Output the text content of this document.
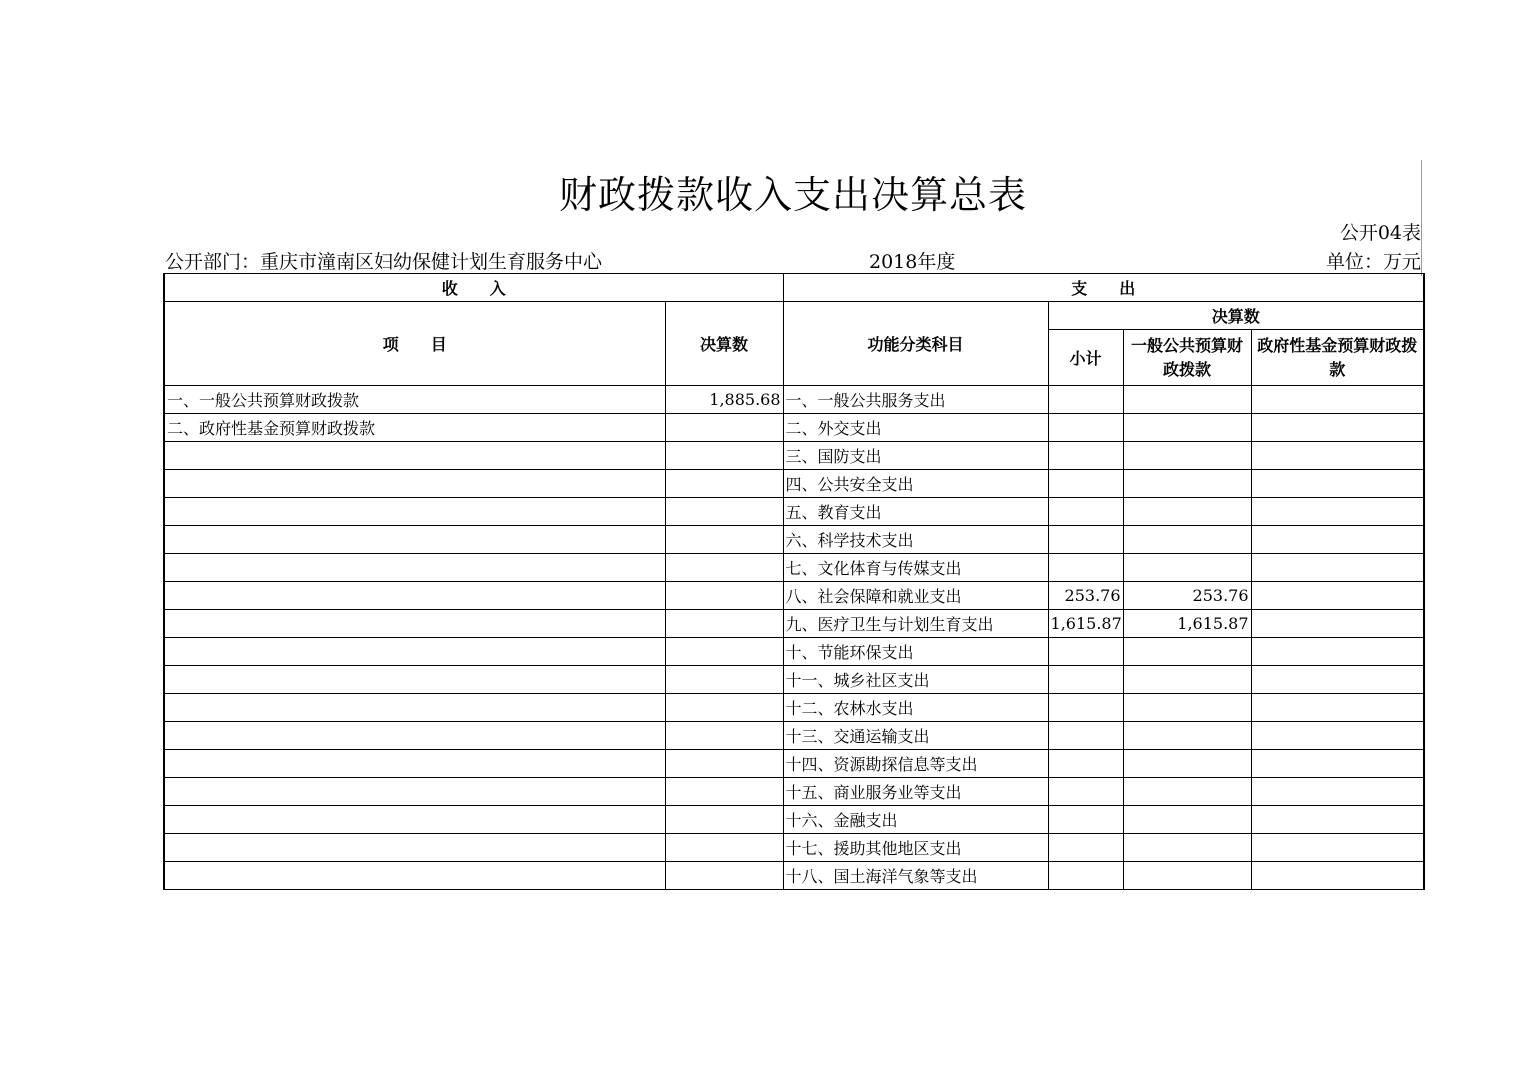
财政拨款收入支出决算总表
公开04表
公开部门：重庆市潼南区妇幼保健计划生育服务中心	2018年度	单位：万元
收　　入		支　　出			
项　　目	决算数	功能分类科目	决算数		
			小计	一般公共预算财政拨款	政府性基金预算财政拨款
一、一般公共预算财政拨款	1,885.68	一、一般公共服务支出			
二、政府性基金预算财政拨款		二、外交支出			
		三、国防支出			
		四、公共安全支出			
		五、教育支出			
		六、科学技术支出			
		七、文化体育与传媒支出			
		八、社会保障和就业支出	253.76	253.76	
		九、医疗卫生与计划生育支出	1,615.87	1,615.87	
		十、节能环保支出			
		十一、城乡社区支出			
		十二、农林水支出			
		十三、交通运输支出			
		十四、资源勘探信息等支出			
		十五、商业服务业等支出			
		十六、金融支出			
		十七、援助其他地区支出			
		十八、国土海洋气象等支出			
